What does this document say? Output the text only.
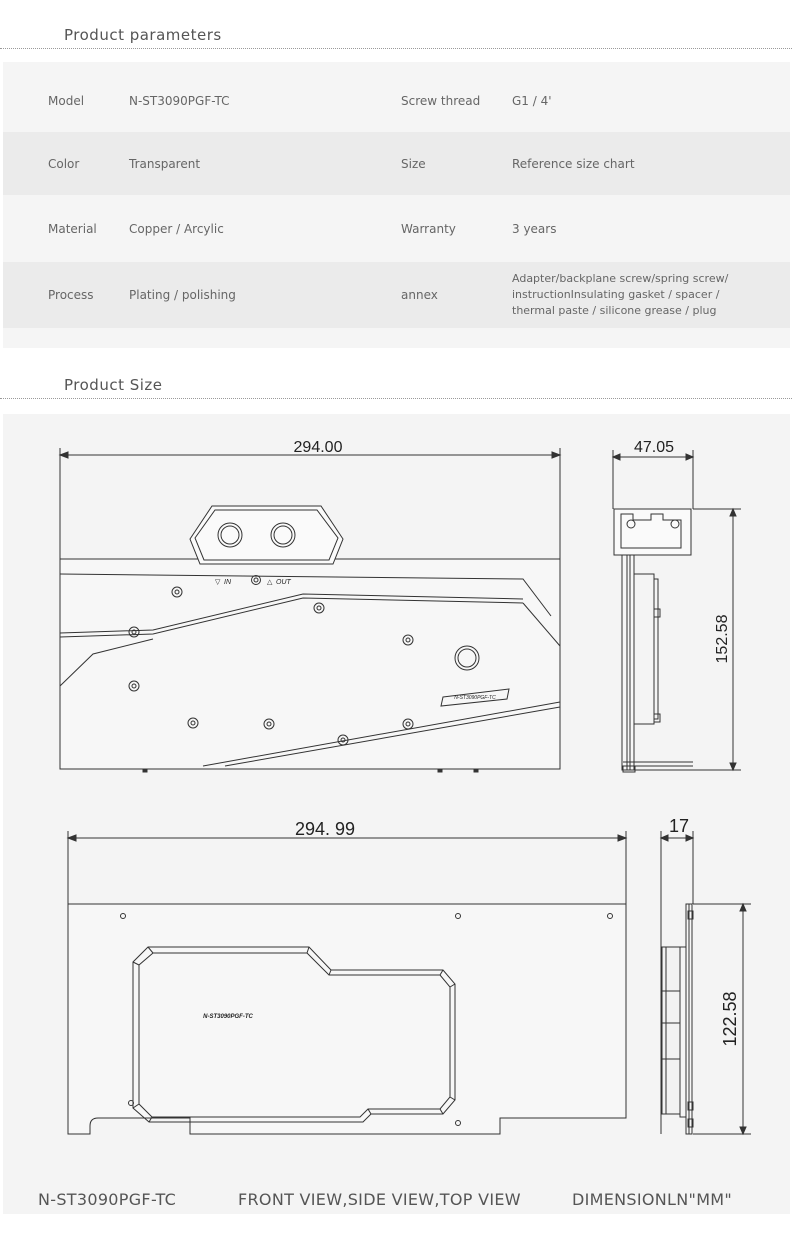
Product parameters
Model	N-ST3090PGF-TC	Screw thread	G1 / 4'
Color	Transparent	Size	Reference size chart
Material	Copper / Arcylic	Warranty	3 years
Process	Plating / polishing	annex
Adapter/backplane screw/spring screw/
instructionInsulating gasket / spacer /
thermal paste / silicone grease / plug
Product Size
294.00
▽ IN	△ OUT
N-ST3090PGF-TC
47.05
152.58
294. 99
N-ST3090PGF-TC
17
122.58
N-ST3090PGF-TC	FRONT VIEW,SIDE VIEW,TOP VIEW	DIMENSIONLN"MM"
